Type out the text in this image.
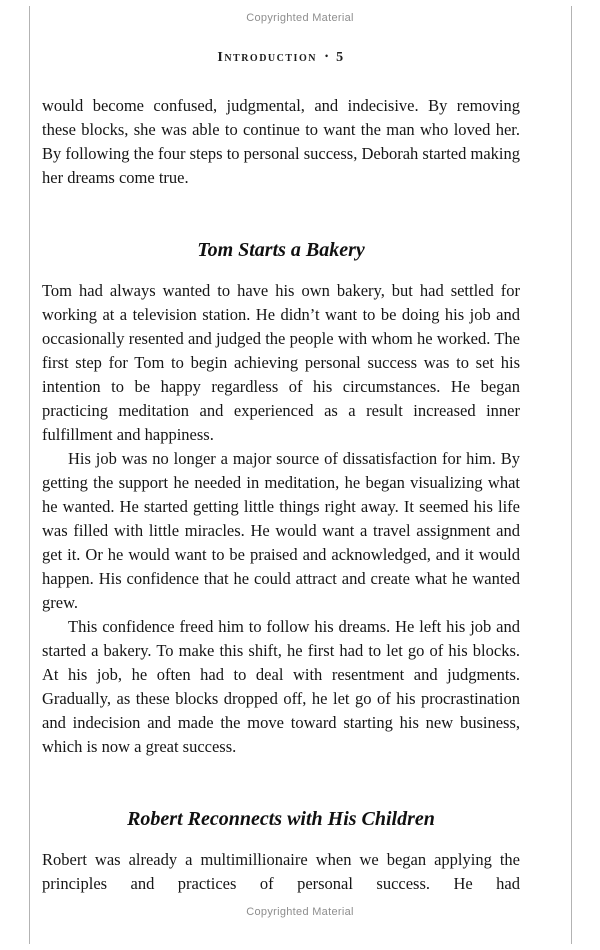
Copyrighted Material
Introduction • 5

would become confused, judgmental, and indecisive. By removing these blocks, she was able to continue to want the man who loved her. By following the four steps to personal success, Deborah started making her dreams come true.

Tom Starts a Bakery

Tom had always wanted to have his own bakery, but had settled for working at a television station. He didn’t want to be doing his job and occasionally resented and judged the people with whom he worked. The first step for Tom to begin achieving personal success was to set his intention to be happy regardless of his circumstances. He began practicing meditation and experienced as a result increased inner fulfillment and happiness.

His job was no longer a major source of dissatisfaction for him. By getting the support he needed in meditation, he began visualizing what he wanted. He started getting little things right away. It seemed his life was filled with little miracles. He would want a travel assignment and get it. Or he would want to be praised and acknowledged, and it would happen. His confidence that he could attract and create what he wanted grew.

This confidence freed him to follow his dreams. He left his job and started a bakery. To make this shift, he first had to let go of his blocks. At his job, he often had to deal with resentment and judgments. Gradually, as these blocks dropped off, he let go of his procrastination and indecision and made the move toward starting his new business, which is now a great success.

Robert Reconnects with His Children

Robert was already a multimillionaire when we began applying the principles and practices of personal success. He had

Copyrighted Material
